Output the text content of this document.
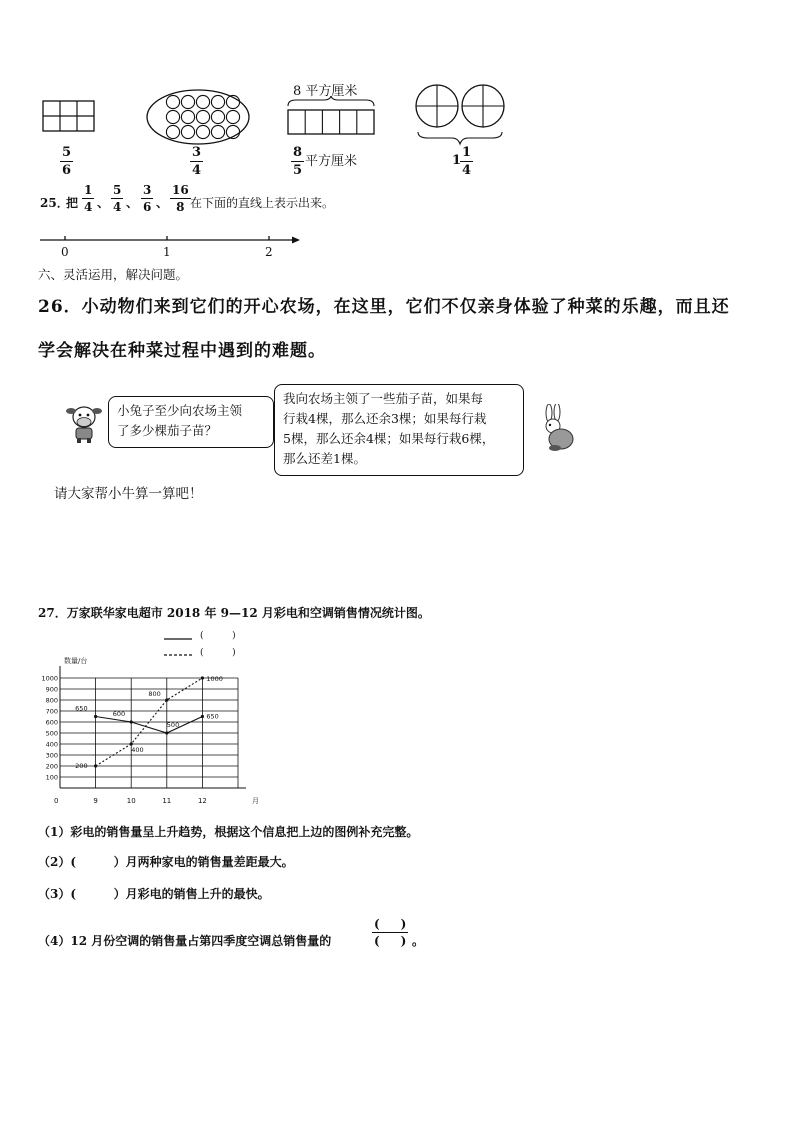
5
6
3
4
8 平方厘米
8
5
平方厘米	1
1
4
25．
把
1
4 、
5
4 、
3
6 、
16
8 在下面的直线上表示出来。
0	1	2
六、灵活运用，解决问题。
26．小动物们来到它们的开心农场，在这里，它们不仅亲身体验了种菜的乐趣，而且还
学会解决在种菜过程中遇到的难题。
小兔子至少向农场主领
了多少棵茄子苗？
我向农场主领了一些茄子苗，如果每
行栽4棵，那么还余3棵；如果每行栽
5棵，那么还余4棵；如果每行栽6棵，
那么还差1棵。
请大家帮小牛算一算吧！
27．万家联华家电超市 2018 年 9—12 月彩电和空调销售情况统计图。
(          )
(          )
100
200
300
400
500
600
700
800
900
1000
数量/台
月
0	9	10	11	12
650
600
500
650
200
400
800
1000
（1）彩电的销售量呈上升趋势，根据这个信息把上边的图例补充完整。
（2）(         ）月两种家电的销售量差距最大。
（3）(         ）月彩电的销售上升的最快。
（4）12 月份空调的销售量占第四季度空调总销售量的
(     )
(     ) 。
